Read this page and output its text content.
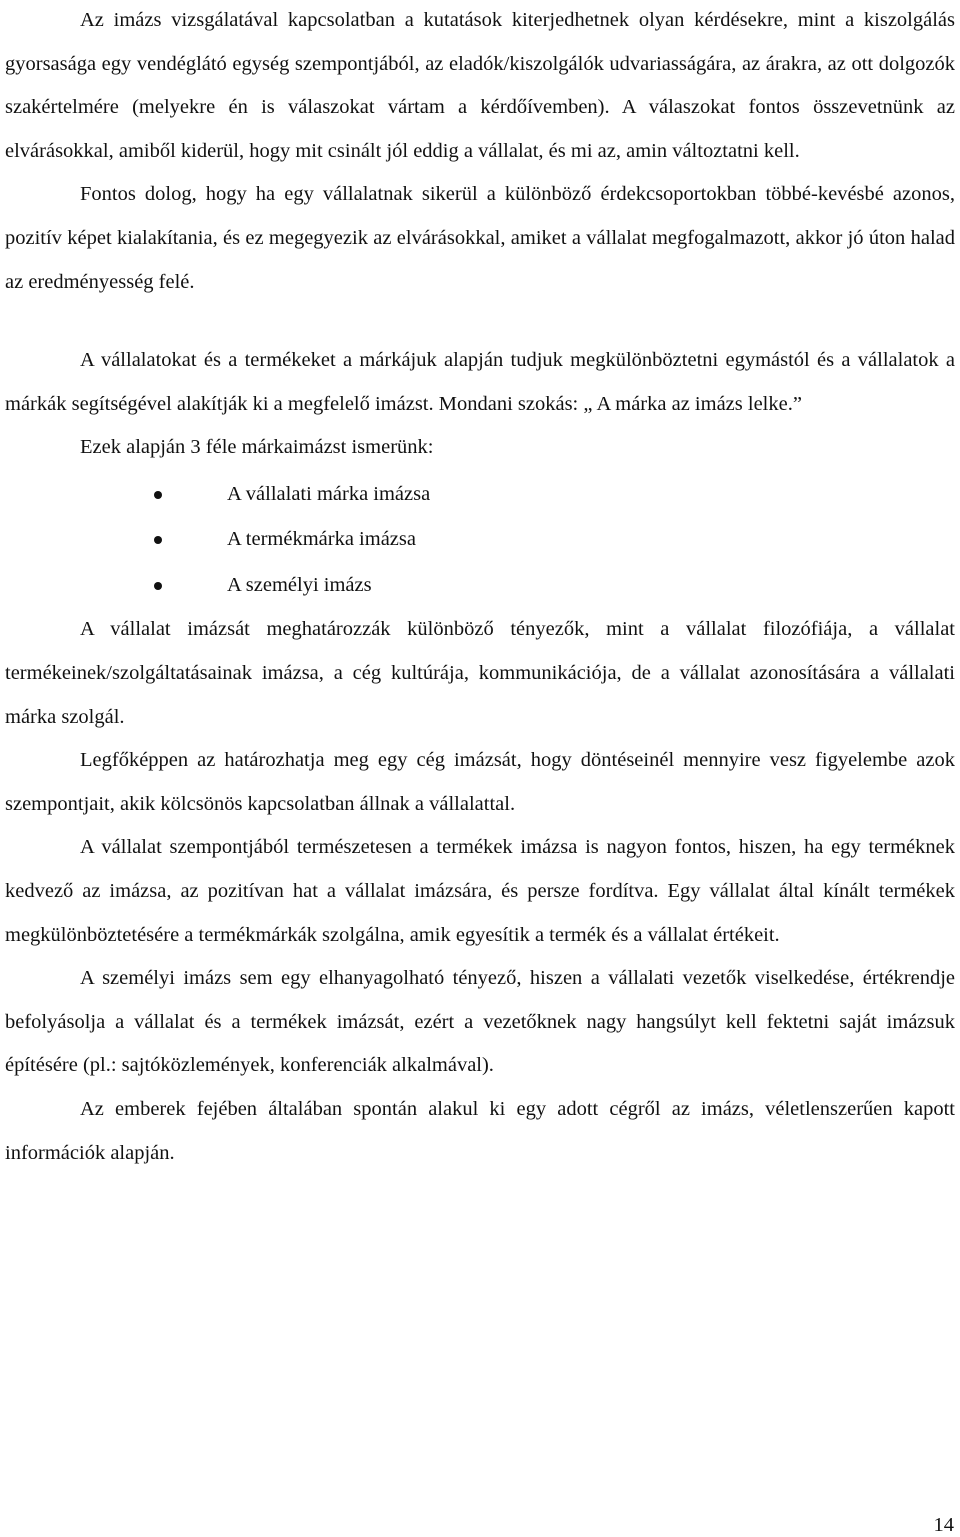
Az imázs vizsgálatával kapcsolatban a kutatások kiterjedhetnek olyan kérdésekre, mint a kiszolgálás gyorsasága egy vendéglátó egység szempontjából, az eladók/kiszolgálók udvariasságára, az árakra, az ott dolgozók szakértelmére (melyekre én is válaszokat vártam a kérdőívemben). A válaszokat fontos összevetnünk az elvárásokkal, amiből kiderül, hogy mit csinált jól eddig a vállalat, és mi az, amin változtatni kell.

Fontos dolog, hogy ha egy vállalatnak sikerül a különböző érdekcsoportokban többé-kevésbé azonos, pozitív képet kialakítania, és ez megegyezik az elvárásokkal, amiket a vállalat megfogalmazott, akkor jó úton halad az eredményesség felé.

A vállalatokat és a termékeket a márkájuk alapján tudjuk megkülönböztetni egymástól és a vállalatok a márkák segítségével alakítják ki a megfelelő imázst. Mondani szokás: „ A márka az imázs lelke.”

Ezek alapján 3 féle márkaimázst ismerünk:

A vállalati márka imázsa
A termékmárka imázsa
A személyi imázs

A vállalat imázsát meghatározzák különböző tényezők, mint a vállalat filozófiája, a vállalat termékeinek/szolgáltatásainak imázsa, a cég kultúrája, kommunikációja, de a vállalat azonosítására a vállalati márka szolgál.

Legfőképpen az határozhatja meg egy cég imázsát, hogy döntéseinél mennyire vesz figyelembe azok szempontjait, akik kölcsönös kapcsolatban állnak a vállalattal.

A vállalat szempontjából természetesen a termékek imázsa is nagyon fontos, hiszen, ha egy terméknek kedvező az imázsa, az pozitívan hat a vállalat imázsára, és persze fordítva. Egy vállalat által kínált termékek megkülönböztetésére a termékmárkák szolgálna, amik egyesítik a termék és a vállalat értékeit.

A személyi imázs sem egy elhanyagolható tényező, hiszen a vállalati vezetők viselkedése, értékrendje befolyásolja a vállalat és a termékek imázsát, ezért a vezetőknek nagy hangsúlyt kell fektetni saját imázsuk építésére (pl.: sajtóközlemények, konferenciák alkalmával).

Az emberek fejében általában spontán alakul ki egy adott cégről az imázs, véletlenszerűen kapott információk alapján.

14
